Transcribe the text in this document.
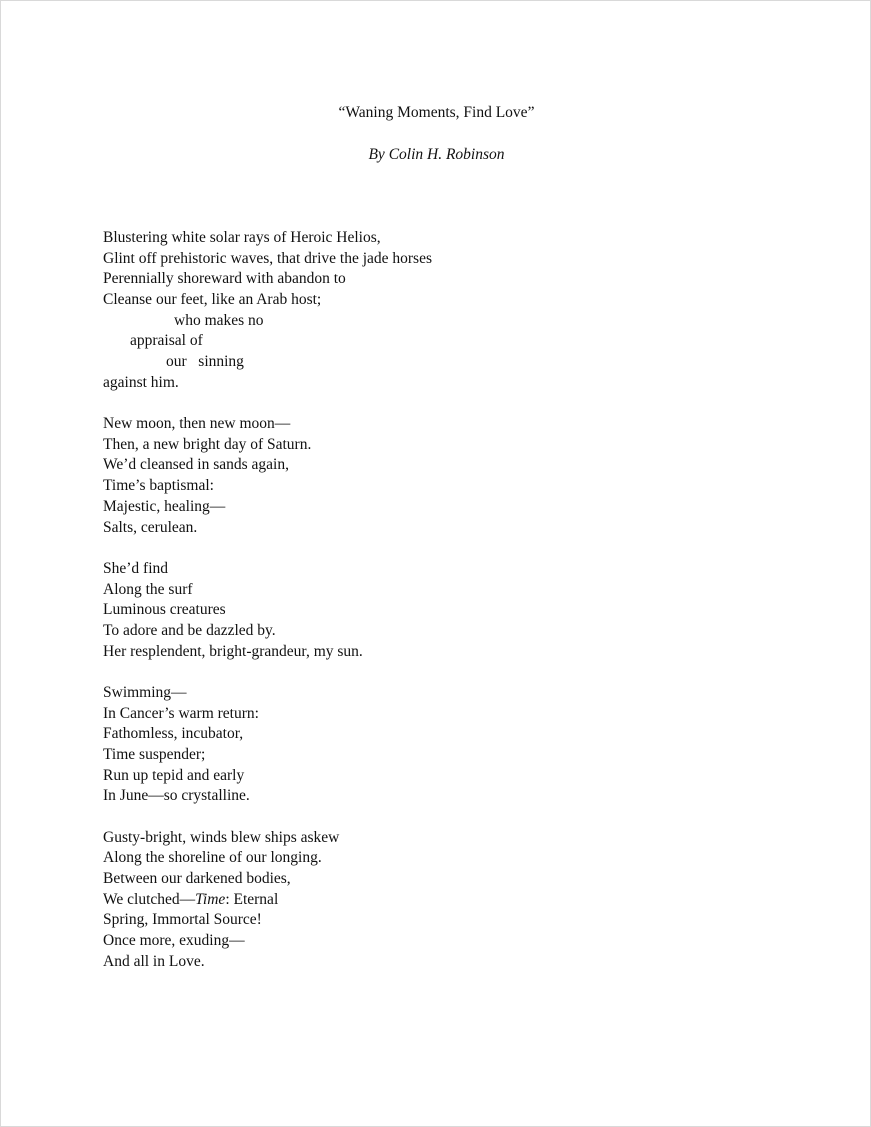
“Waning Moments, Find Love”
By Colin H. Robinson
Blustering white solar rays of Heroic Helios,
Glint off prehistoric waves, that drive the jade horses
Perennially shoreward with abandon to
Cleanse our feet, like an Arab host;
who makes no
appraisal of
our   sinning
against him.
New moon, then new moon—
Then, a new bright day of Saturn.
We’d cleansed in sands again,
Time’s baptismal:
Majestic, healing—
Salts, cerulean.
She’d find
Along the surf
Luminous creatures
To adore and be dazzled by.
Her resplendent, bright-grandeur, my sun.
Swimming—
In Cancer’s warm return:
Fathomless, incubator,
Time suspender;
Run up tepid and early
In June—so crystalline.
Gusty-bright, winds blew ships askew
Along the shoreline of our longing.
Between our darkened bodies,
We clutched—Time: Eternal
Spring, Immortal Source!
Once more, exuding—
And all in Love.
